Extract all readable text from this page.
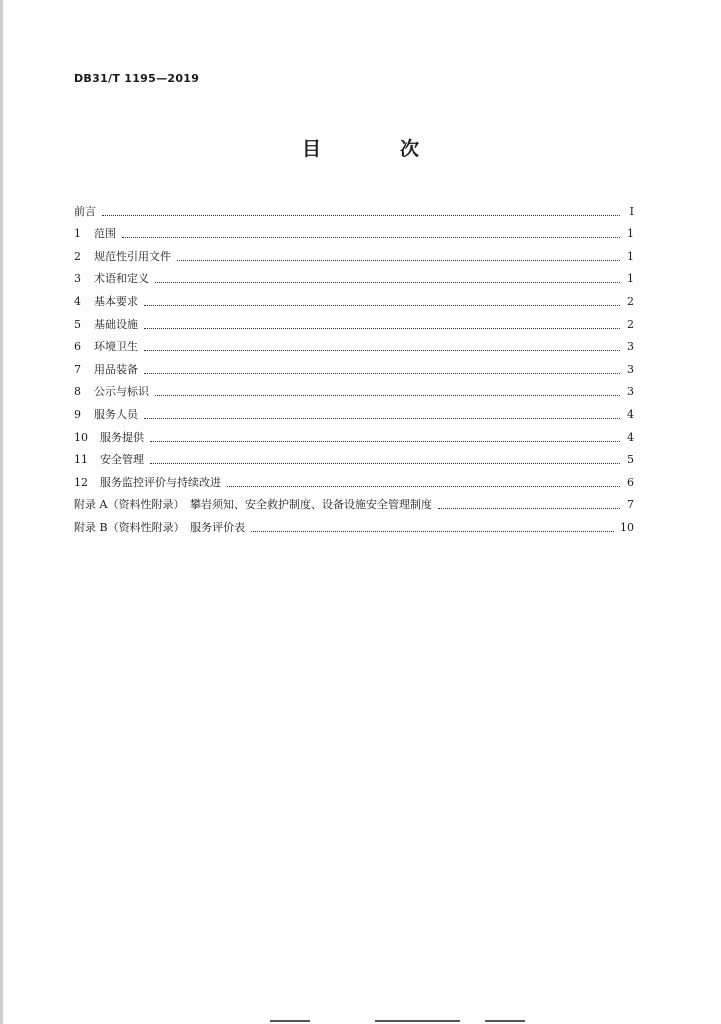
DB31/T 1195—2019
目　次
前言	Ⅰ
1	范围	1
2	规范性引用文件	1
3	术语和定义	1
4	基本要求	2
5	基础设施	2
6	环境卫生	3
7	用品装备	3
8	公示与标识	3
9	服务人员	4
10	服务提供	4
11	安全管理	5
12	服务监控评价与持续改进	6
附录 A（资料性附录）　攀岩须知、安全救护制度、设备设施安全管理制度	7
附录 B（资料性附录）　服务评价表	10
